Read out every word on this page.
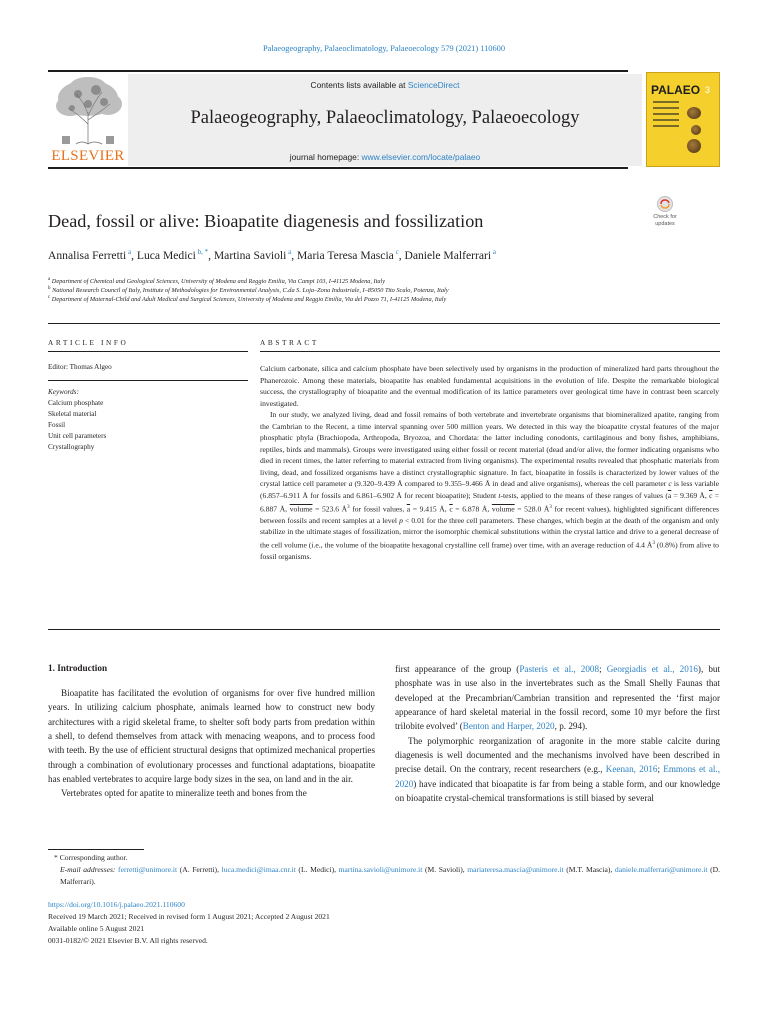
Palaeogeography, Palaeoclimatology, Palaeoecology 579 (2021) 110600
ELSEVIER
Contents lists available at ScienceDirect
Palaeogeography, Palaeoclimatology, Palaeoecology
journal homepage: www.elsevier.com/locate/palaeo
PALAEO 3
Dead, fossil or alive: Bioapatite diagenesis and fossilization	Check for
updates
Annalisa Ferretti $^a$, Luca Medici $^{b, *}$, Martina Savioli $^a$, Maria Teresa Mascia $^c$, Daniele Malferrari $^a$
$^a$ Department of Chemical and Geological Sciences, University of Modena and Reggio Emilia, Via Campi 103, I-41125 Modena, Italy
$^b$ National Research Council of Italy, Institute of Methodologies for Environmental Analysis, C.da S. Loja–Zona Industriale, I–85050 Tito Scalo, Potenza, Italy
$^c$ Department of Maternal-Child and Adult Medical and Surgical Sciences, University of Modena and Reggio Emilia, Via del Pozzo 71, I-41125 Modena, Italy
ARTICLE INFO	ABSTRACT
Editor: Thomas Algeo
Keywords:
Calcium phosphate
Skeletal material
Fossil
Unit cell parameters
Crystallography

Calcium carbonate, silica and calcium phosphate have been selectively used by organisms in the production of mineralized hard parts throughout the Phanerozoic. Among these materials, bioapatite has enabled fundamental acquisitions in the evolution of life. Despite the remarkable biological success, the crystallography of bioapatite and the eventual modification of its lattice parameters over geological time have in contrast been scarcely investigated.

In our study, we analyzed living, dead and fossil remains of both vertebrate and invertebrate organisms that biomineralized apatite, ranging from the Cambrian to the Recent, a time interval spanning over 500 million years. We detected in this way the bioapatite crystal features of the major phosphatic phyla (Brachiopoda, Arthropoda, Bryozoa, and Chordata: the latter including conodonts, cartilaginous and bony fishes, amphibians, reptiles, birds and mammals). Groups were investigated using either fossil or recent material (dead and/or alive, the former indicating organisms who died in recent times, the latter referring to material extracted from living organisms). The experimental results revealed that phosphatic materials from living, dead, and fossilized organisms have a distinct crystallographic signature. In fact, bioapatite in fossils is characterized by lower values of the crystal lattice cell parameter a (9.320–9.439 Å compared to 9.355–9.466 Å in dead and alive organisms), whereas the cell parameter c is less variable (6.857–6.911 Å for fossils and 6.861–6.902 Å for recent bioapatite); Student t-tests, applied to the means of these ranges of values ($\overline{a} = 9.369$ Å, $\overline{c} = 6.887$ Å, volume = 523.6 $Å^3$ for fossil values, $\overline{a} = 9.415$ Å, $\overline{c} = 6.878$ Å, volume = 528.0 $Å^3$ for recent values), highlighted significant differences between fossils and recent samples at a level p < 0.01 for the three cell parameters. These changes, which begin at the death of the organism and only stabilize in the ultimate stages of fossilization, mirror the isomorphic chemical substitutions within the crystal lattice and drive to a general decrease of the cell volume (i.e., the volume of the bioapatite hexagonal crystalline cell frame) over time, with an average reduction of 4.4 $Å^3$ (0.8%) from alive to fossil organisms.

1. Introduction

Bioapatite has facilitated the evolution of organisms for over five hundred million years. In utilizing calcium phosphate, animals learned how to construct new body architectures with a rigid skeletal frame, to shelter soft body parts from predation within a shell, to defend themselves from attack with menacing weapons, and to process food with teeth. By the use of efficient structural designs that optimized mechanical properties through a combination of evolutionary processes and functional adaptations, bioapatite has enabled vertebrates to acquire large body sizes in the sea, on land and in the air.

Vertebrates opted for apatite to mineralize teeth and bones from the

first appearance of the group (Pasteris et al., 2008; Georgiadis et al., 2016), but phosphate was in use also in the invertebrates such as the Small Shelly Faunas that developed at the Precambrian/Cambrian transition and represented the ‘first major appearance of hard skeletal material in the fossil record, some 10 myr before the first trilobite evolved’ (Benton and Harper, 2020, p. 294).

The polymorphic reorganization of aragonite in the more stable calcite during diagenesis is well documented and the mechanisms involved have been described in precise detail. On the contrary, recent researchers (e.g., Keenan, 2016; Emmons et al., 2020) have indicated that bioapatite is far from being a stable form, and our knowledge on bioapatite crystal-chemical transformations is still biased by several

* Corresponding author.
E-mail addresses: ferretti@unimore.it (A. Ferretti), luca.medici@imaa.cnr.it (L. Medici), martina.savioli@unimore.it (M. Savioli), mariateresa.mascia@unimore.it (M.T. Mascia), daniele.malferrari@unimore.it (D. Malferrari).
https://doi.org/10.1016/j.palaeo.2021.110600
Received 19 March 2021; Received in revised form 1 August 2021; Accepted 2 August 2021
Available online 5 August 2021
0031-0182/© 2021 Elsevier B.V. All rights reserved.
